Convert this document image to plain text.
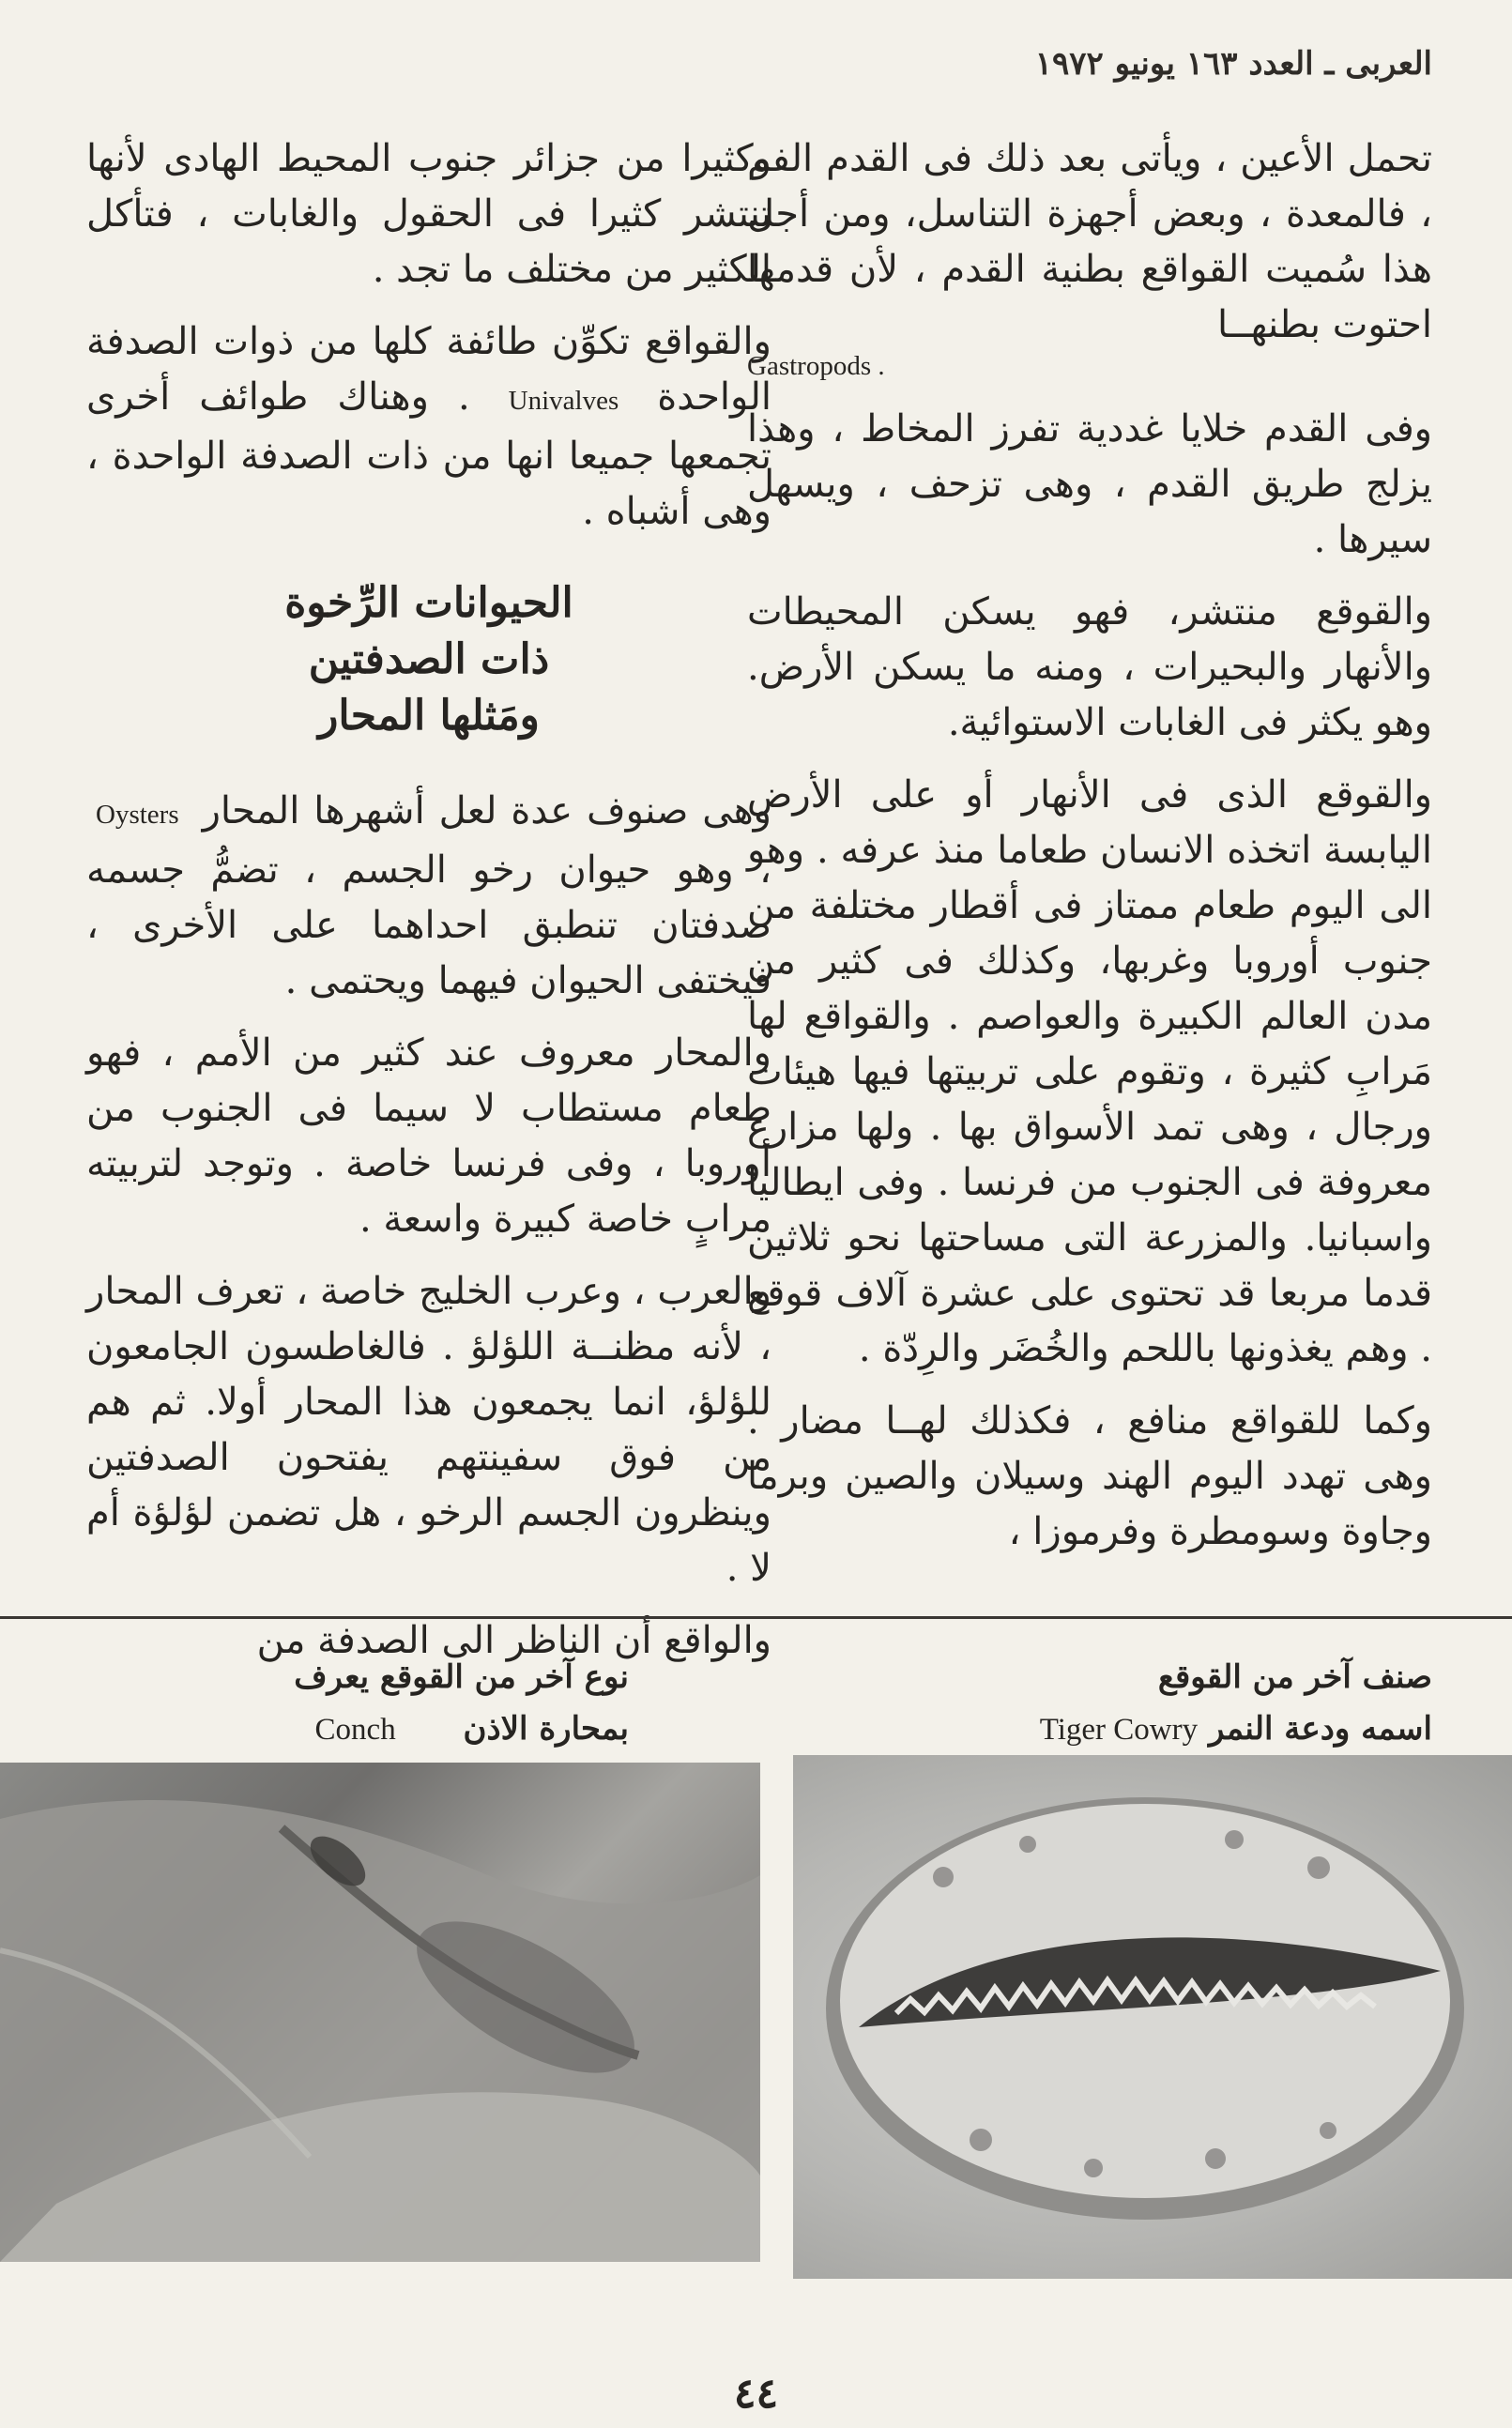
العربى ـ العدد ١٦٣ يونيو ١٩٧٢

تحمل الأعين ، ويأتى بعد ذلك فى القدم الفم ، فالمعدة ، وبعض أجهزة التناسل، ومن أجل هذا سُميت القواقع بطنية القدم ، لأن قدمها احتوت بطنهــا
Gastropods .

وفى القدم خلايا غددية تفرز المخاط ، وهذا يزلج طريق القدم ، وهى تزحف ، ويسهل سيرها .

والقوقع منتشر، فهو يسكن المحيطات والأنهار والبحيرات ، ومنه ما يسكن الأرض. وهو يكثر فى الغابات الاستوائية.

والقوقع الذى فى الأنهار أو على الأرض اليابسة اتخذه الانسان طعاما منذ عرفه . وهو الى اليوم طعام ممتاز فى أقطار مختلفة من جنوب أوروبا وغربها، وكذلك فى كثير من مدن العالم الكبيرة والعواصم . والقواقع لها مَرابِ كثيرة ، وتقوم على تربيتها فيها هيئات ورجال ، وهى تمد الأسواق بها . ولها مزارع معروفة فى الجنوب من فرنسا . وفى ايطاليا واسبانيا. والمزرعة التى مساحتها نحو ثلاثين قدما مربعا قد تحتوى على عشرة آلاف قوقع . وهم يغذونها باللحم والخُضَر والرِدّة .

وكما للقواقع منافع ، فكذلك لهــا مضار . وهى تهدد اليوم الهند وسيلان والصين وبرما وجاوة وسومطرة وفرموزا ،

وكثيرا من جزائر جنوب المحيط الهادى لأنها تنتشر كثيرا فى الحقول والغابات ، فتأكل الكثير من مختلف ما تجد .

والقواقع تكوِّن طائفة كلها من ذوات الصدفة الواحدة Univalves . وهناك طوائف أخرى تجمعها جميعا انها من ذات الصدفة الواحدة ، وهى أشباه .

الحيوانات الرِّخوة
ذات الصدفتين
ومَثلها المحار

وهى صنوف عدة لعل أشهرها المحار Oysters ، وهو حيوان رخو الجسم ، تضمُّ جسمه صدفتان تنطبق احداهما على الأخرى ، فيختفى الحيوان فيهما ويحتمى .

والمحار معروف عند كثير من الأمم ، فهو طعام مستطاب لا سيما فى الجنوب من أوروبا ، وفى فرنسا خاصة . وتوجد لتربيته مرابٍ خاصة كبيرة واسعة .

والعرب ، وعرب الخليج خاصة ، تعرف المحار ، لأنه مظنــة اللؤلؤ . فالغاطسون الجامعون للؤلؤ، انما يجمعون هذا المحار أولا. ثم هم من فوق سفينتهم يفتحون الصدفتين وينظرون الجسم الرخو ، هل تضمن لؤلؤة أم لا .

والواقع أن الناظر الى الصدفة من

صنف آخر من القوقع
اسمه ودعة النمر Tiger Cowry
نوع آخر من القوقع يعرف
بمحارة الاذن Conch
٤٤
